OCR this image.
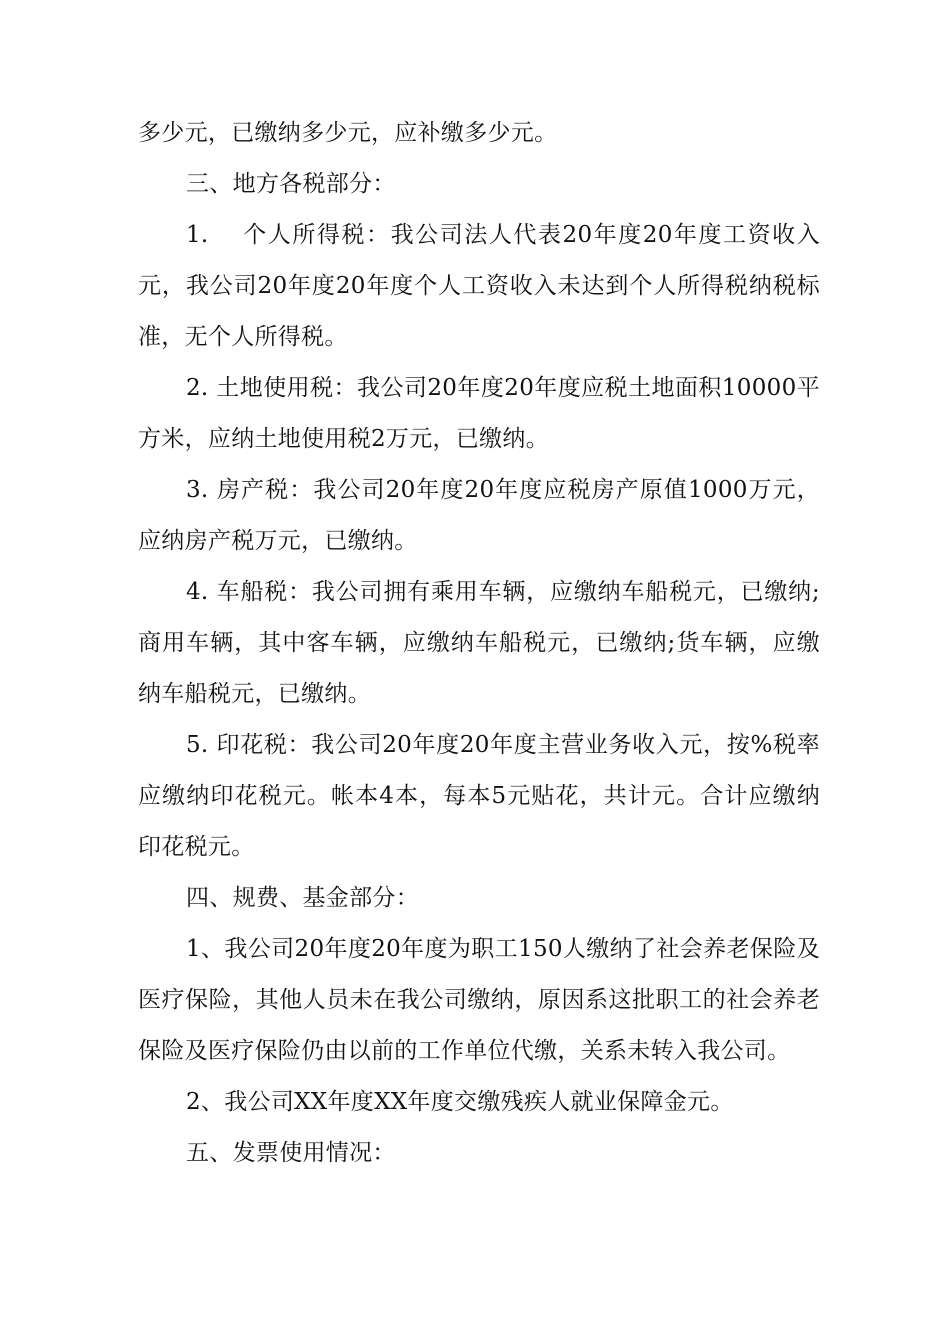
多少元，已缴纳多少元，应补缴多少元。

三、地方各税部分：

1.　 个人所得税：我公司法人代表20年度20年度工资收入元，我公司20年度20年度个人工资收入未达到个人所得税纳税标准，无个人所得税。

2. 土地使用税：我公司20年度20年度应税土地面积10000平方米，应纳土地使用税2万元，已缴纳。

3. 房产税：我公司20年度20年度应税房产原值1000万元，应纳房产税万元，已缴纳。

4. 车船税：我公司拥有乘用车辆，应缴纳车船税元，已缴纳;商用车辆，其中客车辆，应缴纳车船税元，已缴纳;货车辆，应缴纳车船税元，已缴纳。

5. 印花税：我公司20年度20年度主营业务收入元，按%税率应缴纳印花税元。帐本4本，每本5元贴花，共计元。合计应缴纳印花税元。

四、规费、基金部分：

1、我公司20年度20年度为职工150人缴纳了社会养老保险及医疗保险，其他人员未在我公司缴纳，原因系这批职工的社会养老保险及医疗保险仍由以前的工作单位代缴，关系未转入我公司。

2、我公司XX年度XX年度交缴残疾人就业保障金元。

五、发票使用情况：
